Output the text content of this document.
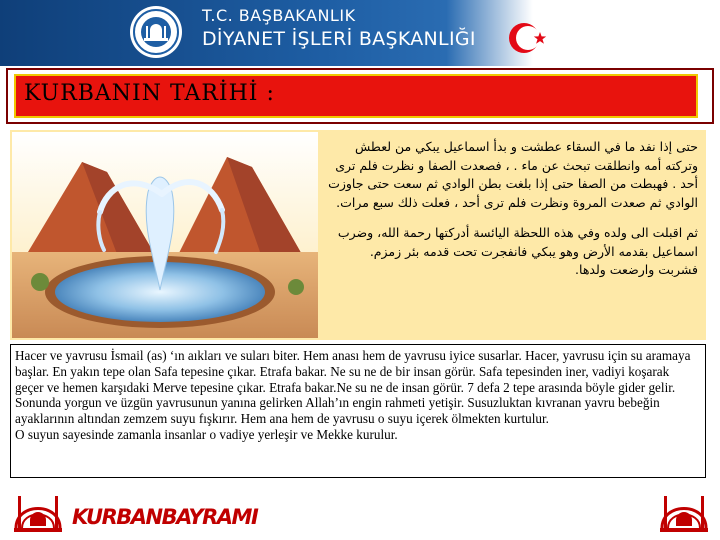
T.C. BAŞBAKANLIK
DİYANET İŞLERİ BAŞKANLIĞI
KURBANIN TARİHİ :

حتى إذا نفد ما في السقاء عطشت و بدأ اسماعيل يبكي من لعطش وتركته أمه وانطلقت تبحث عن ماء . ، فصعدت الصفا و نظرت فلم ترى أحد . فهبطت من الصفا حتى إذا بلغت بطن الوادي ثم سعت حتى جاوزت الوادي ثم صعدت المروة ونظرت فلم ترى أحد ، فعلت ذلك سبع مرات.

ثم اقبلت الى ولده وفي هذه اللحظة اليائسة أدركتها رحمة الله، وضرب اسماعيل بقدمه الأرض وهو يبكي فانفجرت تحت قدمه بئر زمزم. فشربت وارضعت ولدها.

Hacer ve yavrusu İsmail (as) ‘ın aıkları ve suları biter. Hem anası hem de yavrusu iyice susarlar. Hacer, yavrusu için su aramaya başlar. En yakın tepe olan Safa tepesine çıkar. Etrafa bakar. Ne su ne de bir insan görür. Safa tepesinden iner, vadiyi koşarak geçer ve hemen karşıdaki Merve tepesine çıkar. Etrafa bakar.Ne su ne de insan görür. 7 defa 2 tepe arasında böyle gider gelir. Sonunda yorgun ve üzgün yavrusunun yanına gelirken Allah’ın engin rahmeti yetişir. Susuzluktan kıvranan yavru bebeğin ayaklarının altından zemzem suyu fışkırır. Hem ana hem de yavrusu o suyu içerek ölmekten kurtulur.
O suyun sayesinde zamanla insanlar o vadiye yerleşir ve Mekke kurulur.
KURBANBAYRAMI
